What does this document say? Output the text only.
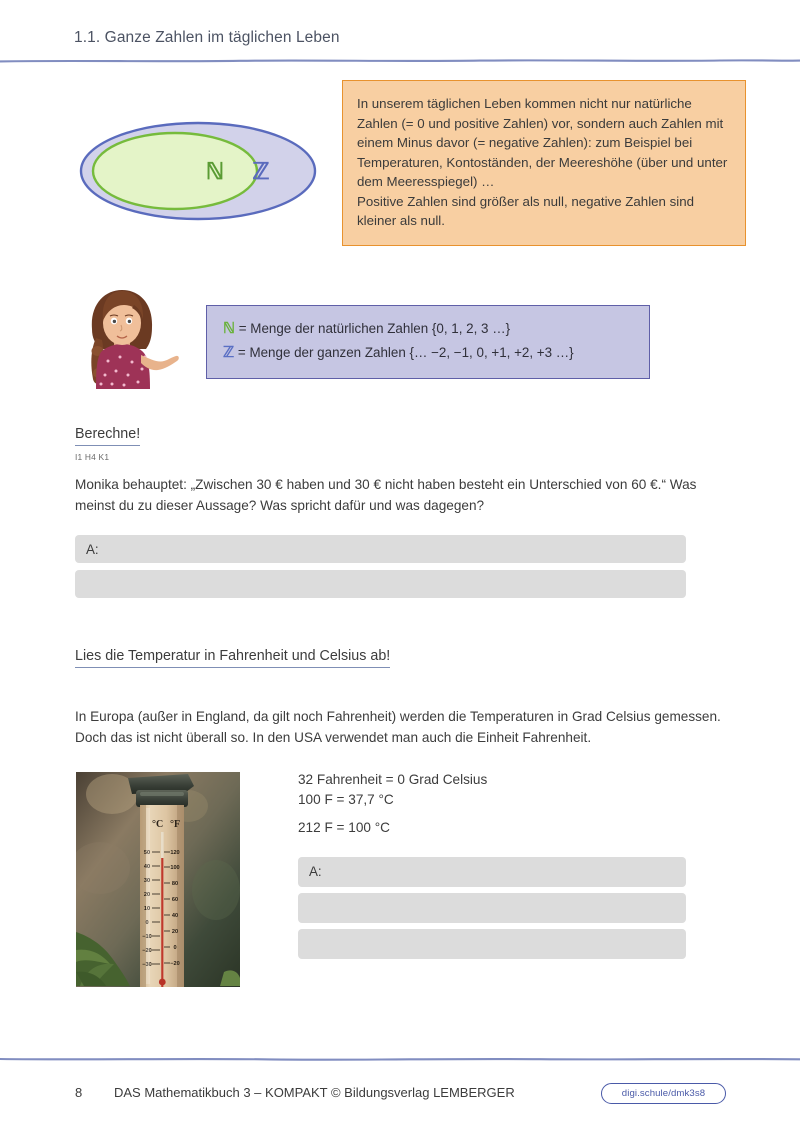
1.1. Ganze Zahlen im täglichen Leben
ℕ ℤ

In unserem täglichen Leben kommen nicht nur natürliche Zahlen (= 0 und positive Zahlen) vor, sondern auch Zahlen mit einem Minus davor (= negative Zahlen): zum Beispiel bei Temperaturen, Kontoständen, der Meereshöhe (über und unter dem Meeresspiegel) …

Positive Zahlen sind größer als null, negative Zahlen sind kleiner als null.

ℕ = Menge der natürlichen Zahlen {0, 1, 2, 3 …}
ℤ = Menge der ganzen Zahlen {… −2, −1, 0, +1, +2, +3 …}
Berechne!
I1 H4 K1
Monika behauptet: „Zwischen 30 € haben und 30 € nicht haben besteht ein Unterschied von 60 €.“ Was meinst du zu dieser Aussage? Was spricht dafür und was dagegen?
A:
Lies die Temperatur in Fahrenheit und Celsius ab!
In Europa (außer in England, da gilt noch Fahrenheit) werden die Temperaturen in Grad Celsius gemessen. Doch das ist nicht überall so. In den USA verwendet man auch die Einheit Fahrenheit.
32 Fahrenheit = 0 Grad Celsius
100 F = 37,7 °C
212 F = 100 °C
A:
°C °F
50
40
30
20
10
0
−10
−20
−30
120
100
80
60
40
20
0
−20
8 DAS Mathematikbuch 3 – KOMPAKT © Bildungsverlag LEMBERGER	digi.schule/dmk3s8
